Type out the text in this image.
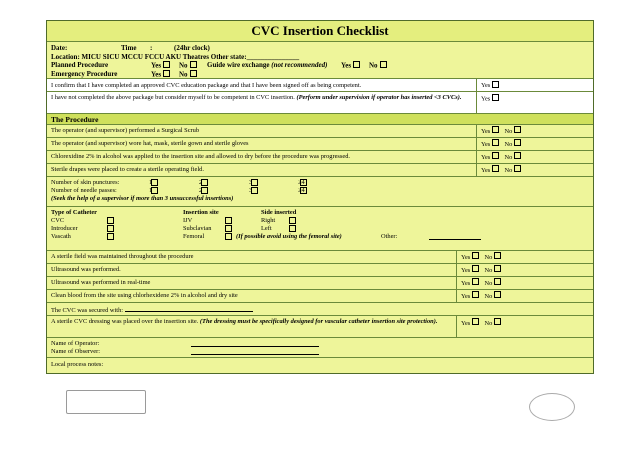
CVC Insertion Checklist
Date:	Time :	(24hr clock)
Location: MICU SICU MCCU FCCU AKU Theatres Other state:_______________
Planned Procedure	Yes	No	Guide wire exchange (not recommended) Yes	No
Emergency Procedure	Yes	No
I confirm that I have completed an approved CVC education package and that I have been signed off as being competent.	Yes
I have not completed the above package but consider myself to be competent in CVC insertion. (Perform under supervision if operator has inserted <3 CVCs).	Yes
The Procedure
The operator (and supervisor) performed a Surgical Scrub	Yes No
The operator (and supervisor) wore hat, mask, sterile gown and sterile gloves	Yes No
Chlorexidine 2% in alcohol was applied to the insertion site and allowed to dry before the procedure was progressed.	Yes No
Sterile drapes were placed to create a sterile operating field.	Yes No
Number of skin punctures:	1	2	3	≥4
Number of needle passes:	1	2	3	≥4
(Seek the help of a supervisor if more than 3 unsuccessful insertions)
Type of Catheter	Insertion site	Side inserted
CVC	IJV	Right
Introducer	Subclavian	Left
Vascath	Femoral	(If possible avoid using the femoral site)	Other:
A sterile field was maintained throughout the procedure	Yes No
Ultrasound was performed.	Yes No
Ultrasound was performed in real-time	Yes No
Clean blood from the site using chlorhexidene 2% in alcohol and dry site	Yes No
The CVC was secured with:
A sterile CVC dressing was placed over the insertion site. (The dressing must be specifically designed for vascular catheter insertion site protection).	Yes No
Name of Operator:
Name of Observer:
Local process notes:
